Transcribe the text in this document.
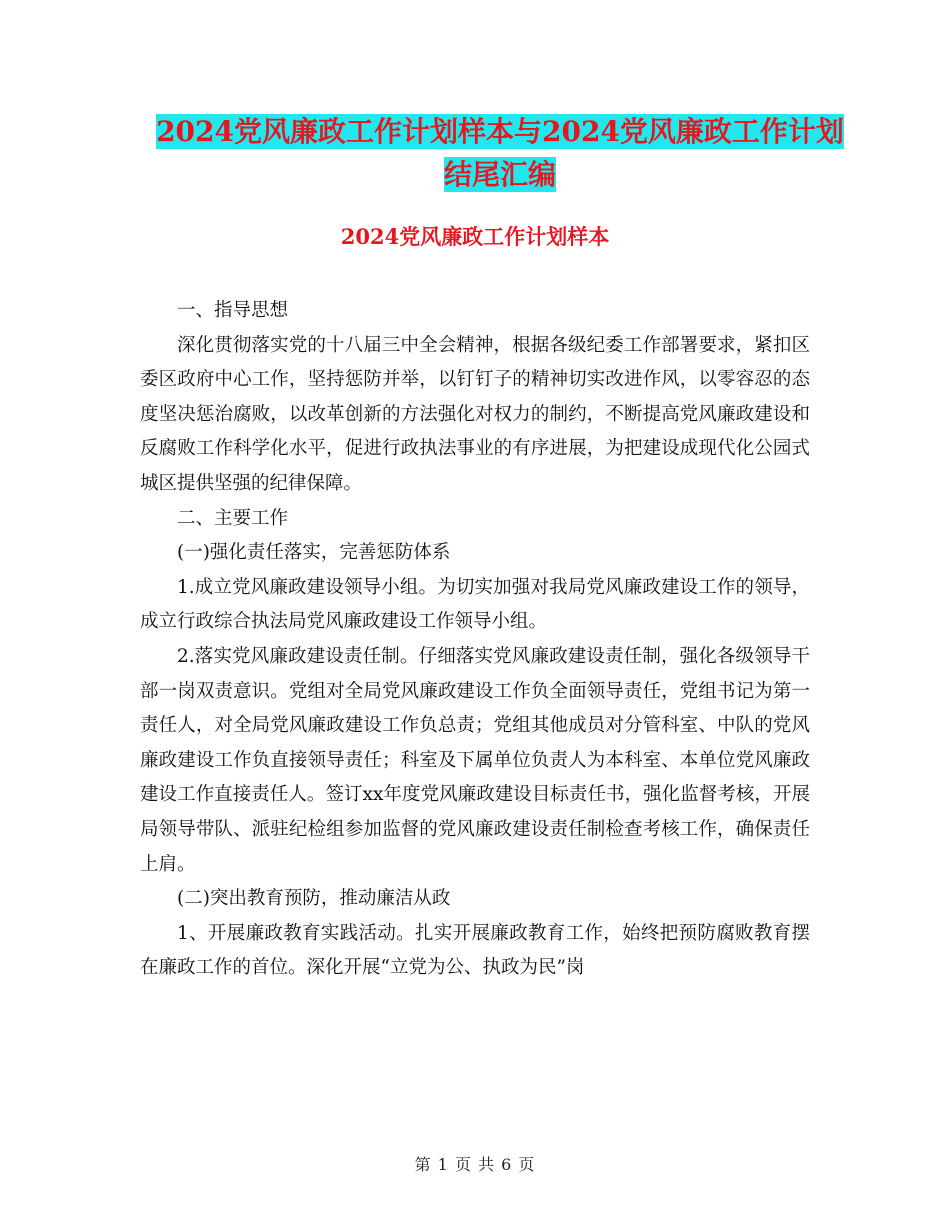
2024党风廉政工作计划样本与2024党风廉政工作计划
结尾汇编
2024党风廉政工作计划样本

一、指导思想

深化贯彻落实党的十八届三中全会精神，根据各级纪委工作部署要求，紧扣区委区政府中心工作，坚持惩防并举，以钉钉子的精神切实改进作风，以零容忍的态度坚决惩治腐败，以改革创新的方法强化对权力的制约，不断提高党风廉政建设和反腐败工作科学化水平，促进行政执法事业的有序进展，为把建设成现代化公园式城区提供坚强的纪律保障。

二、主要工作

(一)强化责任落实，完善惩防体系

1.成立党风廉政建设领导小组。为切实加强对我局党风廉政建设工作的领导，成立行政综合执法局党风廉政建设工作领导小组。

2.落实党风廉政建设责任制。仔细落实党风廉政建设责任制，强化各级领导干部一岗双责意识。党组对全局党风廉政建设工作负全面领导责任，党组书记为第一责任人，对全局党风廉政建设工作负总责；党组其他成员对分管科室、中队的党风廉政建设工作负直接领导责任；科室及下属单位负责人为本科室、本单位党风廉政建设工作直接责任人。签订xx年度党风廉政建设目标责任书，强化监督考核，开展局领导带队、派驻纪检组参加监督的党风廉政建设责任制检查考核工作，确保责任上肩。

(二)突出教育预防，推动廉洁从政

1、开展廉政教育实践活动。扎实开展廉政教育工作，始终把预防腐败教育摆在廉政工作的首位。深化开展“立党为公、执政为民”岗

第 1 页 共 6 页
